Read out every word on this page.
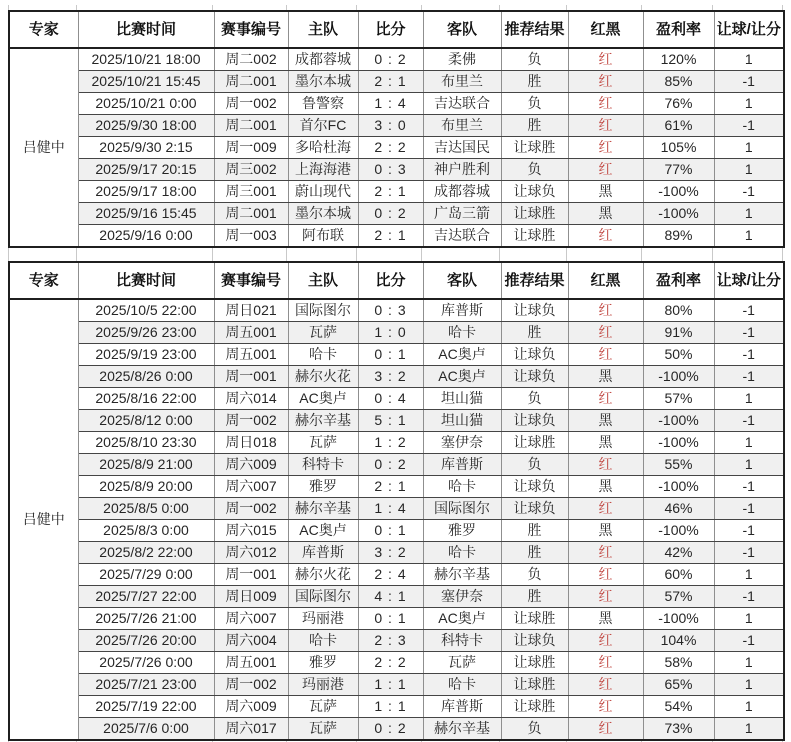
专家	比赛时间	赛事编号	主队	比分	客队	推荐结果	红黑	盈利率	让球/让分
吕健中	2025/10/21 18:00	周二002	成都蓉城	0 : 2	柔佛	负	红	120%	1
	2025/10/21 15:45	周二001	墨尔本城	2 : 1	布里兰	胜	红	85%	-1
	2025/10/21 0:00	周一002	鲁警察	1 : 4	吉达联合	负	红	76%	1
	2025/9/30 18:00	周二001	首尔FC	3 : 0	布里兰	胜	红	61%	-1
	2025/9/30 2:15	周一009	多哈杜海	2 : 2	吉达国民	让球胜	红	105%	1
	2025/9/17 20:15	周三002	上海海港	0 : 3	神户胜利	负	红	77%	1
	2025/9/17 18:00	周三001	蔚山现代	2 : 1	成都蓉城	让球负	黑	-100%	-1
	2025/9/16 15:45	周二001	墨尔本城	0 : 2	广岛三箭	让球胜	黑	-100%	1
	2025/9/16 0:00	周一003	阿布联	2 : 1	吉达联合	让球胜	红	89%	1
专家	比赛时间	赛事编号	主队	比分	客队	推荐结果	红黑	盈利率	让球/让分
吕健中	2025/10/5 22:00	周日021	国际图尔	0 : 3	库普斯	让球负	红	80%	-1
	2025/9/26 23:00	周五001	瓦萨	1 : 0	哈卡	胜	红	91%	-1
	2025/9/19 23:00	周五001	哈卡	0 : 1	AC奥卢	让球负	红	50%	-1
	2025/8/26 0:00	周一001	赫尔火花	3 : 2	AC奥卢	让球负	黑	-100%	-1
	2025/8/16 22:00	周六014	AC奥卢	0 : 4	坦山猫	负	红	57%	1
	2025/8/12 0:00	周一002	赫尔辛基	5 : 1	坦山猫	让球负	黑	-100%	-1
	2025/8/10 23:30	周日018	瓦萨	1 : 2	塞伊奈	让球胜	黑	-100%	1
	2025/8/9 21:00	周六009	科特卡	0 : 2	库普斯	负	红	55%	1
	2025/8/9 20:00	周六007	雅罗	2 : 1	哈卡	让球负	黑	-100%	-1
	2025/8/5 0:00	周一002	赫尔辛基	1 : 4	国际图尔	让球负	红	46%	-1
	2025/8/3 0:00	周六015	AC奥卢	0 : 1	雅罗	胜	黑	-100%	-1
	2025/8/2 22:00	周六012	库普斯	3 : 2	哈卡	胜	红	42%	-1
	2025/7/29 0:00	周一001	赫尔火花	2 : 4	赫尔辛基	负	红	60%	1
	2025/7/27 22:00	周日009	国际图尔	4 : 1	塞伊奈	胜	红	57%	-1
	2025/7/26 21:00	周六007	玛丽港	0 : 1	AC奥卢	让球胜	黑	-100%	1
	2025/7/26 20:00	周六004	哈卡	2 : 3	科特卡	让球负	红	104%	-1
	2025/7/26 0:00	周五001	雅罗	2 : 2	瓦萨	让球胜	红	58%	1
	2025/7/21 23:00	周一002	玛丽港	1 : 1	哈卡	让球胜	红	65%	1
	2025/7/19 22:00	周六009	瓦萨	1 : 1	库普斯	让球胜	红	54%	1
	2025/7/6 0:00	周六017	瓦萨	0 : 2	赫尔辛基	负	红	73%	1
